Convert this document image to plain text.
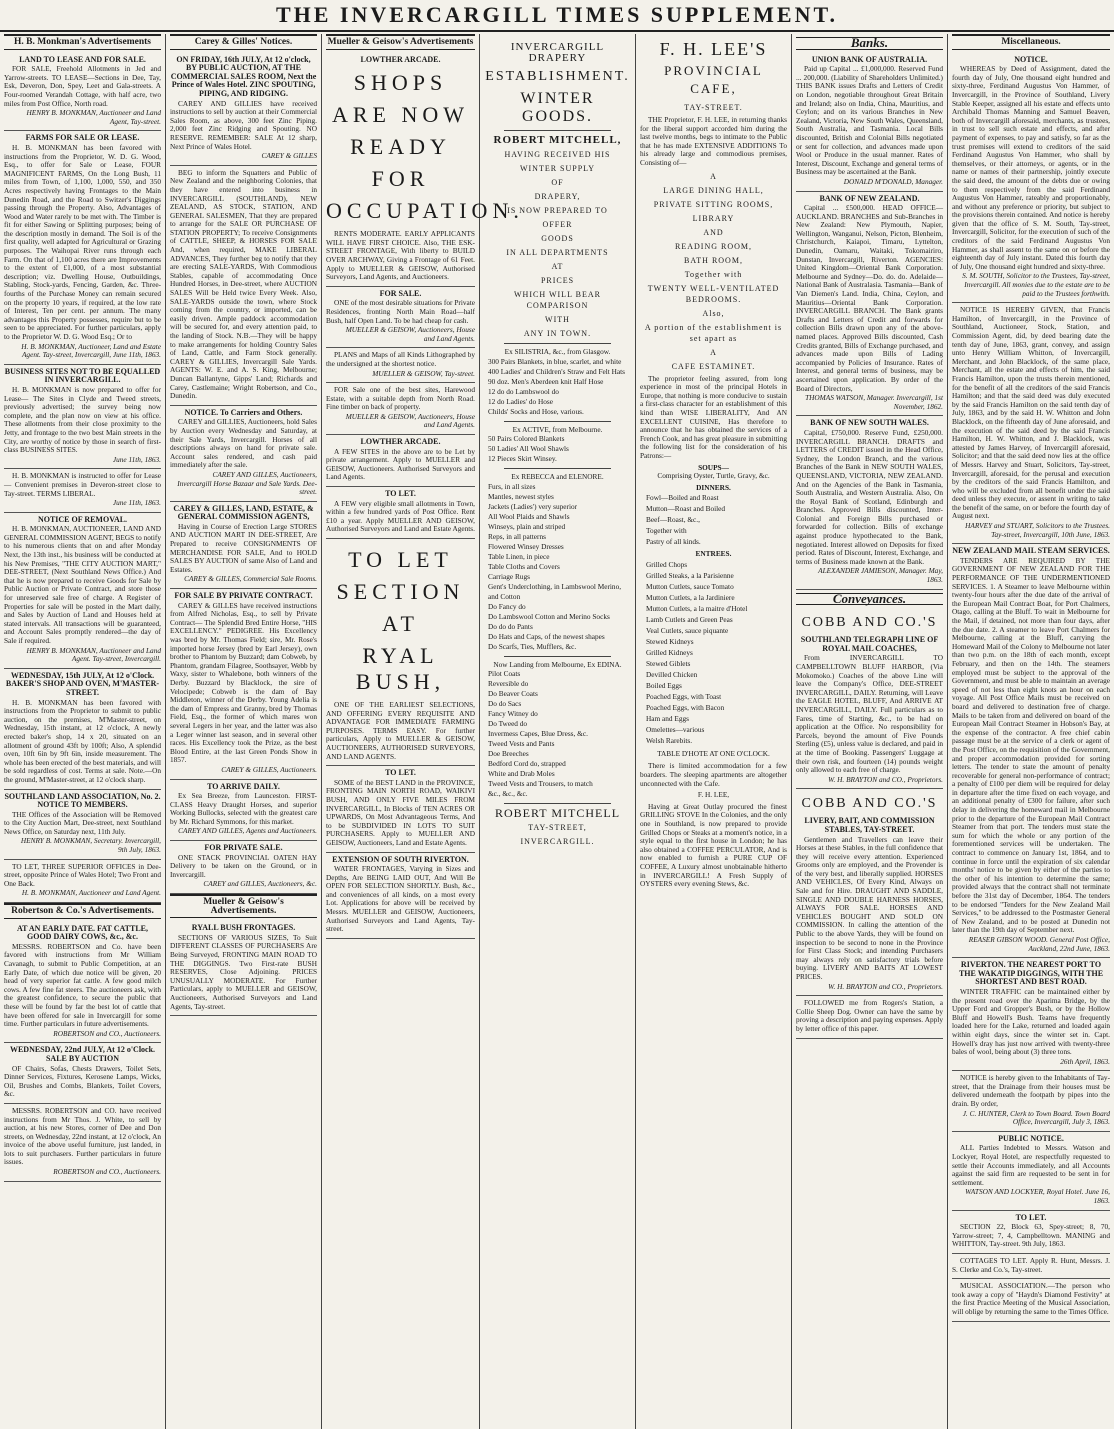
THE INVERCARGILL TIMES SUPPLEMENT.
H. B. Monkman's Advertisements
LAND TO LEASE AND FOR SALE.

FOR SALE, Freehold Allotments in Jed and Yarrow-streets. TO LEASE—Sections in Dee, Tay, Esk, Deveron, Don, Spey, Leet and Gala-streets. A Four-roomed Verandah Cottage, with half acre, two miles from Post Office, North road.

HENRY B. MONKMAN, Auctioneer and Land Agent, Tay-street.

FARMS FOR SALE OR LEASE.

H. B. MONKMAN has been favored with instructions from the Proprietor, W. D. G. Wood, Esq., to offer for Sale or Lease, FOUR MAGNIFICENT FARMS, On the Long Bush, 11 miles from Town, of 1,100, 1,000, 550, and 350 Acres respectively having Frontages to the Main Dunedin Road, and the Road to Switzer's Diggings passing through the Property. Also, Advantages of Wood and Water rarely to be met with. The Timber is fit for either Sawing or Splitting purposes; being of the description mostly in demand. The Soil is of the first quality, well adapted for Agricultural or Grazing purposes. The Waihopai River runs through each Farm. On that of 1,100 acres there are Improvements to the extent of £1,000, of a most substantial description; viz. Dwelling House, Outbuildings, Stabling, Stock-yards, Fencing, Garden, &c. Three-fourths of the Purchase Money can remain secured on the property 10 years, if required, at the low rate of Interest, Ten per cent. per annum. The many advantages this Property possesses, require but to be seen to be appreciated. For further particulars, apply to the Proprietor W. D. G. Wood Esq.; Or to

H. B. MONKMAN, Auctioneer, Land and Estate Agent. Tay-street, Invercargill, June 11th, 1863.

BUSINESS SITES NOT TO BE EQUALLED IN INVERCARGILL.

H. B. MONKMAN is now prepared to offer for Lease— The Sites in Clyde and Tweed streets, previously advertised; the survey being now complete, and the plan now on view at his office. These allotments from their close proximity to the Jetty, and frontage to the two best Main streets in the City, are worthy of notice by those in search of first-class BUSINESS SITES.

June 11th, 1863.

H. B. MONKMAN is instructed to offer for Lease— Convenient premises in Deveron-street close to Tay-street. TERMS LIBERAL.

June 11th, 1863.

NOTICE OF REMOVAL.

H. B. MONKMAN, AUCTIONEER, LAND AND GENERAL COMMISSION AGENT, BEGS to notify to his numerous clients that on and after Monday Next, the 13th inst., his business will be conducted at his New Premises, "THE CITY AUCTION MART," DEE-STREET, (Next Southland News Office.) And that he is now prepared to receive Goods for Sale by Public Auction or Private Contract, and store those for unreserved sale free of charge. A Register of Properties for sale will be posted in the Mart daily, and Sales by Auction of Land and Houses held at stated intervals. All transactions will be guaranteed, and Account Sales promptly rendered—the day of Sale if required.

HENRY B. MONKMAN, Auctioneer and Land Agent. Tay-street, Invercargill.

WEDNESDAY, 15th JULY, At 12 o'Clock. BAKER'S SHOP AND OVEN, M'MASTER-STREET.

H. B. MONKMAN has been favored with instructions from the Proprietor to submit to public auction, on the premises, M'Master-street, on Wednesday, 15th instant, at 12 o'clock, A newly erected baker's shop, 14 x 20, situated on an allotment of ground 43ft by 100ft; Also, A splendid oven, 10ft 6in by 9ft 6in, inside measurement. The whole has been erected of the best materials, and will be sold regardless of cost. Terms at sale. Note.—On the ground, M'Master-street, at 12 o'clock sharp.

SOUTHLAND LAND ASSOCIATION, No. 2. NOTICE TO MEMBERS.

THE Offices of the Association will be Removed to the City Auction Mart, Dee-street, next Southland News Office, on Saturday next, 11th July.

HENRY B. MONKMAN, Secretary. Invercargill, 9th July, 1863.

TO LET, THREE SUPERIOR OFFICES in Dee-street, opposite Prince of Wales Hotel; Two Front and One Back.

H. B. MONKMAN, Auctioneer and Land Agent.

Robertson & Co.'s Advertisements.
AT AN EARLY DATE. FAT CATTLE, GOOD DAIRY COWS, &c., &c.

MESSRS. ROBERTSON and Co. have been favored with instructions from Mr William Cavanagh, to submit to Public Competition, at an Early Date, of which due notice will be given, 20 head of very superior fat cattle. A few good milch cows. A few fine fat steers. The auctioneers ask, with the greatest confidence, to secure the public that these will be found by far the best lot of cattle that have been offered for sale in Invercargill for some time. Further particulars in future advertisements.

ROBERTSON and CO., Auctioneers.

WEDNESDAY, 22nd JULY, At 12 o'Clock. SALE BY AUCTION

OF Chairs, Sofas, Chests Drawers, Toilet Sets, Dinner Services, Fixtures, Kerosene Lamps, Wicks, Oil, Brushes and Combs, Blankets, Toilet Covers, &c.

MESSRS. ROBERTSON and CO. have received instructions from Mr Thos. J. White, to sell by auction, at his new Stores, corner of Dee and Don streets, on Wednesday, 22nd instant, at 12 o'clock, An invoice of the above useful furniture, just landed, in lots to suit purchasers. Further particulars in future issues.

ROBERTSON and CO., Auctioneers.

Carey & Gilles' Notices.
ON FRIDAY, 16th JULY, At 12 o'clock, BY PUBLIC AUCTION, AT THE COMMERCIAL SALES ROOM, Next the Prince of Wales Hotel. ZINC SPOUTING, PIPING, AND RIDGING.

CAREY AND GILLIES have received instructions to sell by auction at their Commercial Sales Room, as above, 300 feet Zinc Piping. 2,000 feet Zinc Ridging and Spouting. NO RESERVE. REMEMBER: SALE At 12 sharp, Next Prince of Wales Hotel.

CAREY & GILLES

BEG to inform the Squatters and Public of New Zealand and the neighboring Colonies, that they have entered into business in INVERCARGILL (SOUTHLAND), NEW ZEALAND, AS STOCK, STATION, AND GENERAL SALESMEN, That they are prepared to arrange for the SALE OR PURCHASE OF STATION PROPERTY; To receive Consignments of CATTLE, SHEEP, & HORSES FOR SALE And, when required, MAKE LIBERAL ADVANCES, They further beg to notify that they are erecting SALE-YARDS, With Commodious Stables, capable of accommodating Once Hundred Horses, in Dee-street, where AUCTION SALES Will be Held twice Every Week. Also, SALE-YARDS outside the town, where Stock coming from the country, or imported, can be easily driven. Ample paddock accommodation will be secured for, and every attention paid, to the landing of Stock. N.B.—They will be happy to make arrangements for holding Country Sales of Land, Cattle, and Farm Stock generally. CAREY & GILLIES, Invercargill Sale Yards. AGENTS: W. E. and A. S. King, Melbourne; Duncan Ballantyne, Gipps' Land; Richards and Carey, Castlemaine; Wright Robertson, and Co., Dunedin.

NOTICE. To Carriers and Others.

CAREY and GILLIES, Auctioneers, hold Sales by Auction every Wednesday and Saturday, at their Sale Yards, Invercargill. Horses of all descriptions always on hand for private sale. Account sales rendered, and cash paid immediately after the sale.

CAREY AND GILLES, Auctioneers, Invercargill Horse Bazaar and Sale Yards. Dee-street.

CAREY & GILLES, LAND, ESTATE, & GENERAL COMMISSION AGENTS,

Having in Course of Erection Large STORES AND AUCTION MART IN DEE-STREET, Are Prepared to receive CONSIGNMENTS OF MERCHANDISE FOR SALE, And to HOLD SALES BY AUCTION of same Also of Land and Estates.

CAREY & GILLES, Commercial Sale Rooms.

FOR SALE BY PRIVATE CONTRACT.

CAREY & GILLES have received instructions from Alfred Nicholas, Esq., to sell by Private Contract— The Splendid Bred Entire Horse, "HIS EXCELLENCY." PEDIGREE. His Excellency was bred by Mr. Thomas Field; sire, Mr. Rose's imported horse Jersey (bred by Earl Jersey), own brother to Phantom by Buzzard; dam Cobweb, by Phantom, grandam Filagree, Soothsayer, Webb by Waxy, sister to Whalebone, both winners of the Derby. Buzzard by Blacklock, the sire of Velocipede; Cobweb is the dam of Bay Middleton, winner of the Derby. Young Adelia is the dam of Empress and Granny, bred by Thomas Field, Esq., the former of which mares won several Legers in her year, and the latter was also a Leger winner last season, and in several other races. His Excellency took the Prize, as the best Blood Entire, at the last Green Ponds Show in 1857.

CAREY & GILLES, Auctioneers.

TO ARRIVE DAILY.

Ex Sea Breeze, from Launceston. FIRST-CLASS Heavy Draught Horses, and superior Working Bullocks, selected with the greatest care by Mr. Richard Symmons, for this market.

CAREY AND GILLES, Agents and Auctioneers.

FOR PRIVATE SALE.

ONE STACK PROVINCIAL OATEN HAY Delivery to be taken on the Ground, or in Invercargill.

CAREY and GILLES, Auctioneers, &c.

Mueller & Geisow's Advertisements.
RYALL BUSH FRONTAGES.

SECTIONS OF VARIOUS SIZES, To Suit DIFFERENT CLASSES OF PURCHASERS Are Being Surveyed, FRONTING MAIN ROAD TO THE DIGGINGS. Two First-rate BUSH RESERVES, Close Adjoining. PRICES UNUSUALLY MODERATE. For Further Particulars, apply to MUELLER and GEISOW, Auctioneers, Authorised Surveyors and Land Agents, Tay-street.

Mueller & Geisow's Advertisements
LOWTHER ARCADE.
SHOPS
ARE NOW
READY
FOR
OCCUPATION.

RENTS MODERATE. EARLY APPLICANTS WILL HAVE FIRST CHOICE. Also, THE ESK-STREET FRONTAGE, With liberty to BUILD OVER ARCHWAY, Giving a Frontage of 61 Feet. Apply to MUELLER & GEISOW, Authorised Surveyors, Land Agents, and Auctioneers.

FOR SALE.

ONE of the most desirable situations for Private Residences, fronting North Main Road—half Bush, half Open Land. To be had cheap for cash.

MUELLER & GEISOW, Auctioneers, House and Land Agents.

PLANS and Maps of all Kinds Lithographed by the undersigned at the shortest notice.

MUELLER & GEISOW, Tay-street.

FOR Sale one of the best sites, Harewood Estate, with a suitable depth from North Road. Fine timber on back of property.

MUELLER & GEISOW, Auctioneers, House and Land Agents.

LOWTHER ARCADE.

A FEW SITES in the above are to be Let by private arrangement. Apply to MUELLER and GEISOW, Auctioneers. Authorised Surveyors and Land Agents.

TO LET.

A FEW very eligible small allotments in Town, within a few hundred yards of Post Office. Rent £10 a year. Apply MUELLER AND GEISOW, Authorised Surveyors and Land and Estate Agents.

TO LET
SECTION
AT
RYAL BUSH,

ONE OF THE EARLIEST SELECTIONS, AND OFFERING EVERY REQUISITE AND ADVANTAGE FOR IMMEDIATE FARMING PURPOSES. TERMS EASY. For further particulars, Apply to MUELLER & GEISOW, AUCTIONEERS, AUTHORISED SURVEYORS, AND LAND AGENTS.

TO LET.

SOME of the BEST LAND in the PROVINCE, FRONTING MAIN NORTH ROAD, WAIKIVI BUSH, AND ONLY FIVE MILES FROM INVERCARGILL, In Blocks of TEN ACRES OR UPWARDS, On Most Advantageous Terms, And to be SUBDIVIDED IN LOTS TO SUIT PURCHASERS. Apply to MUELLER AND GEISOW, Auctioneers, Land and Estate Agents.

EXTENSION OF SOUTH RIVERTON.

WATER FRONTAGES, Varying in Sizes and Depths, Are BEING LAID OUT, And Will Be OPEN FOR SELECTION SHORTLY. Bush, &c., and conveniences of all kinds, on a most every Lot. Applications for above will be received by Messrs. MUELLER and GEISOW, Auctioneers, Authorised Surveyors and Land Agents, Tay-street.

INVERCARGILL DRAPERY
ESTABLISHMENT.
WINTER GOODS.
ROBERT MITCHELL,
HAVING RECEIVED HIS
WINTER SUPPLY
OF
DRAPERY,
IS NOW PREPARED TO
OFFER
GOODS
IN ALL DEPARTMENTS
AT
PRICES
WHICH WILL BEAR COMPARISON
WITH
ANY IN TOWN.
Ex SILISTRIA, &c., from Glasgow.
300 Pairs Blankets, in blue, scarlet, and white
400 Ladies' and Children's Straw and Felt Hats
90 doz. Men's Aberdeen knit Half Hose
12 do do Lambswool do
12 do Ladies' do Hose
Childs' Socks and Hose, various.
Ex ACTIVE, from Melbourne.
50 Pairs Colored Blankets
50 Ladies' All Wool Shawls
12 Pieces Skirt Winsey.
Ex REBECCA and ELENORE.
Furs, in all sizes
Mantles, newest styles
Jackets (Ladies') very superior
All Wool Plaids and Shawls
Winseys, plain and striped
Reps, in all patterns
Flowered Winsey Dresses
Table Linen, in piece
Table Cloths and Covers
Carriage Rugs
Gent's Underclothing, in Lambswool Merino, and Cotton
Do Fancy do
Do Lambswool Cotton and Merino Socks
Do do do Pants
Do Hats and Caps, of the newest shapes
Do Scarfs, Ties, Mufflers, &c.
Now Landing from Melbourne, Ex EDINA.
Pilot Coats
Reversible do
Do Beaver Coats
Do do Sacs
Fancy Witney do
Do Tweed do
Invermess Capes, Blue Dress, &c.
Tweed Vests and Pants
Doe Breeches
Bedford Cord do, strapped
White and Drab Moles
Tweed Vests and Trousers, to match
&c., &c., &c.
ROBERT MITCHELL
TAY-STREET,
INVERCARGILL.
F. H. LEE'S
PROVINCIAL CAFE,
TAY-STREET.

THE Proprietor, F. H. LEE, in returning thanks for the liberal support accorded him during the last twelve months, begs to intimate to the Public that he has made EXTENSIVE ADDITIONS To his already large and commodious premises, Consisting of—

A
LARGE DINING HALL,
PRIVATE SITTING ROOMS,
LIBRARY
AND
READING ROOM,
BATH ROOM,
Together with
TWENTY WELL-VENTILATED BEDROOMS.
Also,
A portion of the establishment is set apart as
A
CAFE ESTAMINET.

The proprietor feeling assured, from long experience in most of the principal Hotels in Europe, that nothing is more conducive to sustain a first-class character for an establishment of this kind than WISE LIBERALITY, And AN EXCELLENT CUISINE, Has therefore to announce that he has obtained the services of a French Cook, and has great pleasure in submitting the following list for the consideration of his Patrons:—

SOUPS—
Comprising Oyster, Turtle, Gravy, &c.
DINNERS.
Fowl—Boiled and Roast
Mutton—Roast and Boiled
Beef—Roast, &c.,
Together with
Pastry of all kinds.
ENTREES.
Grilled Chops
Grilled Steaks, a la Parisienne
Mutton Cutlets, sauce Tomato
Mutton Cutlets, a la Jardiniere
Mutton Cutlets, a la maitre d'Hotel
Lamb Cutlets and Green Peas
Veal Cutlets, sauce piquante
Stewed Kidneys
Grilled Kidneys
Stewed Giblets
Devilled Chicken
Boiled Eggs
Poached Eggs, with Toast
Poached Eggs, with Bacon
Ham and Eggs
Omelettes—various
Welsh Rarebits.
TABLE D'HOTE AT ONE O'CLOCK.

There is limited accommodation for a few boarders. The sleeping apartments are altogether unconnected with the Cafe.

F. H. LEE,

Having at Great Outlay procured the finest GRILLING STOVE In the Colonies, and the only one in Southland, is now prepared to provide Grilled Chops or Steaks at a moment's notice, in a style equal to the first house in London; he has also obtained a COFFEE PERCULATOR, And is now enabled to furnish a PURE CUP OF COFFEE, A Luxury almost unobtainable hitherto in INVERCARGILL! A Fresh Supply of OYSTERS every evening Stews, &c.

Banks.
UNION BANK OF AUSTRALIA.

Paid up Capital ... £1,000,000. Reserved Fund ... 200,000. (Liability of Shareholders Unlimited.) THIS BANK issues Drafts and Letters of Credit on London, negotiable throughout Great Britain and Ireland; also on India, China, Mauritius, and Ceylon; and on its various Branches in New Zealand, Victoria, New South Wales, Queensland, South Australia, and Tasmania. Local Bills discounted, British and Colonial Bills negotiated or sent for collection, and advances made upon Wool or Produce in the usual manner. Rates of Interest, Discount, Exchange and general terms of Business may be ascertained at the Bank.

DONALD M'DONALD, Manager.

BANK OF NEW ZEALAND.

Capital ... £500,000. HEAD OFFICE—AUCKLAND. BRANCHES and Sub-Branches in New Zealand: New Plymouth, Napier, Wellington, Wanganui, Nelson, Picton, Blenheim, Christchurch, Kaiapoi, Timaru, Lyttelton, Dunedin, Oamaru, Waitaki, Tokomairiro, Dunstan, Invercargill, Riverton. AGENCIES: United Kingdom—Oriental Bank Corporation. Melbourne and Sydney—Do. do. do. Adelaide—National Bank of Australasia. Tasmania—Bank of Van Diemen's Land. India, China, Ceylon, and Mauritius—Oriental Bank Corporation. INVERCARGILL BRANCH. The Bank grants Drafts and Letters of Credit and forwards for collection Bills drawn upon any of the above-named places. Approved Bills discounted, Cash Credits granted, Bills of Exchange purchased, and advances made upon Bills of Lading accompanied by Policies of Insurance. Rates of Interest, and general terms of business, may be ascertained upon application. By order of the Board of Directors,

THOMAS WATSON, Manager. Invercargill, 1st November, 1862.

BANK OF NEW SOUTH WALES.

Capital, £750,000. Reserve Fund, £250,000. INVERCARGILL BRANCH. DRAFTS and LETTERS of CREDIT issued in the Head Office, Sydney, the London Branch, and the various Branches of the Bank in NEW SOUTH WALES, QUEENSLAND, VICTORIA, NEW ZEALAND. And on the Agencies of the Bank in Tasmania, South Australia, and Western Australia. Also, On the Royal Bank of Scotland, Edinburgh and Branches. Approved Bills discounted, Inter-Colonial and Foreign Bills purchased or forwarded for collection. Bills of exchange against produce hypothecated to the Bank, negotiated. Interest allowed on Deposits for fixed period. Rates of Discount, Interest, Exchange, and terms of Business made known at the Bank.

ALEXANDER JAMIESON, Manager. May, 1863.

Conveyances.
COBB AND CO.'S
SOUTHLAND TELEGRAPH LINE OF ROYAL MAIL COACHES,

From INVERCARGILL TO CAMPBELLTOWN BLUFF HARBOR, (Via Mokomoko.) Coaches of the above Line will leave the Company's Office, DEE-STREET INVERCARGILL, DAILY. Returning, will Leave the EAGLE HOTEL, BLUFF, And ARRIVE AT INVERCARGILL, DAILY. Full particulars as to Fares, time of Starting, &c., to be had on application at the Office. No responsibility for Parcels, beyond the amount of Five Pounds Sterling (£5), unless value is declared, and paid in at the time of Booking. Passengers' Luggage at their own risk, and fourteen (14) pounds weight only allowed to each free of charge.

W. H. BRAYTON and CO., Proprietors.

COBB AND CO.'S
LIVERY, BAIT, AND COMMISSION STABLES, TAY-STREET.

Gentlemen and Travellers can leave their Horses at these Stables, in the full confidence that they will receive every attention. Experienced Grooms only are employed, and the Provender is of the very best, and liberally supplied. HORSES AND VEHICLES, Of Every Kind, Always on Sale and for Hire. DRAUGHT AND SADDLE, SINGLE AND DOUBLE HARNESS HORSES, ALWAYS FOR SALE. HORSES AND VEHICLES BOUGHT AND SOLD ON COMMISSION. In calling the attention of the Public to the above Yards, they will be found on inspection to be second to none in the Province for First Class Stock; and intending Purchasers may always rely on satisfactory trials before buying. LIVERY AND BAITS AT LOWEST PRICES.

W. H. BRAYTON and CO., Proprietors.

FOLLOWED me from Rogers's Station, a Collie Sheep Dog. Owner can have the same by proving a description and paying expenses. Apply by letter office of this paper.

Miscellaneous.
NOTICE.

WHEREAS by Deed of Assignment, dated the fourth day of July, One thousand eight hundred and sixty-three, Ferdinand Augustus Von Hammer, of Invercargill, in the Province of Southland, Livery Stable Keeper, assigned all his estate and effects unto Archibald Thomas Manning and Samuel Beaven, both of Invercargill aforesaid, merchants, as trustees, in trust to sell such estate and effects, and after payment of expenses, to pay and satisfy, so far as the trust premises will extend to creditors of the said Ferdinand Augustus Von Hammer, who shall by themselves, or their attorneys, or agents, or in the name or names of their partnership, jointly execute the said deed, the amount of the debts due or owing to them respectively from the said Ferdinand Augustus Von Hammer, rateably and proportionably, and without any preference or priority, but subject to the provisions therein contained. And notice is hereby given that the office of S. M. South, Tay-street, Invercargill, Solicitor, for the execution of such of the creditors of the said Ferdinand Augustus Von Hammer, as shall assent to the same on or before the eighteenth day of July instant. Dated this fourth day of July, One thousand eight hundred and sixty-three.

S. M. SOUTH, Solicitor to the Trustees, Tay-street, Invercargill. All monies due to the estate are to be paid to the Trustees forthwith.

NOTICE IS HEREBY GIVEN, that Francis Hamilton, of Invercargill, in the Province of Southland, Auctioneer, Stock, Station, and Commission Agent, did, by deed bearing date the tenth day of June, 1863, grant, convey, and assign unto Henry William Whitton, of Invercargill, Merchant, and John Blacklock, of the same place, Merchant, all the estate and effects of him, the said Francis Hamilton, upon the trusts therein mentioned, for the benefit of all the creditors of the said Francis Hamilton; and that the said deed was duly executed by the said Francis Hamilton on the said tenth day of July, 1863, and by the said H. W. Whitton and John Blacklock, on the fifteenth day of June aforesaid, and the execution of the said deed by the said Francis Hamilton, H. W. Whitton, and J. Blacklock, was attested by James Harvey, of Invercargill aforesaid, Solicitor; and that the said deed now lies at the office of Messrs. Harvey and Stuart, Solicitors, Tay-street, Invercargill, aforesaid, for the perusal and execution by the creditors of the said Francis Hamilton, and who will be excluded from all benefit under the said deed unless they execute, or assent in writing to take the benefit of the same, on or before the fourth day of August next.

HARVEY and STUART, Solicitors to the Trustees. Tay-street, Invercargill, 10th June, 1863.

NEW ZEALAND MAIL STEAM SERVICES.

TENDERS ARE REQUIRED BY THE GOVERNMENT OF NEW ZEALAND FOR THE PERFORMANCE OF THE UNDERMENTIONED SERVICES. 1. A Steamer to leave Melbourne within twenty-four hours after the due date of the arrival of the European Mail Contract Boat, for Port Chalmers, Otago, calling at the Bluff. To wait in Melbourne for the Mail, if detained, not more than four days, after the due date. 2. A steamer to leave Port Chalmers for Melbourne, calling at the Bluff, carrying the Homeward Mail of the Colony to Melbourne not later than two p.m. on the 18th of each month, except February, and then on the 14th. The steamers employed must be subject to the approval of the Government, and must be able to maintain an average speed of not less than eight knots an hour on each voyage. All Post Office Mails must be received on board and delivered to destination free of charge. Mails to be taken from and delivered on board of the European Mail Contract Steamer in Hobson's Bay, at the expense of the contractor. A free chief cabin passage must be at the service of a clerk or agent of the Post Office, on the requisition of the Government, and proper accommodation provided for sorting letters. The tender to state the amount of penalty recoverable for general non-performance of contract; a penalty of £100 per diem will be required for delay in departure after the time fixed on each voyage, and an additional penalty of £300 for failure, after such delay in delivering the homeward mail in Melbourne prior to the departure of the European Mail Contract Steamer from that port. The tenders must state the sum for which the whole or any portion of the forementioned services will be undertaken. The contract to commence on January 1st, 1864, and to continue in force until the expiration of six calendar months' notice to be given by either of the parties to the other of his intention to determine the same; provided always that the contract shall not terminate before the 31st day of December, 1864. The tenders to be endorsed "Tenders for the New Zealand Mail Services," to be addressed to the Postmaster General of New Zealand, and to be posted at Dunedin not later than the 19th day of September next.

REASER GIBSON WOOD. General Post Office, Auckland, 22nd June, 1863.

RIVERTON. THE NEAREST PORT TO THE WAKATIP DIGGINGS, WITH THE SHORTEST AND BEST ROAD.

WINTER TRAFFIC can be maintained either by the present road over the Aparima Bridge, by the Upper Ford and Gropper's Bush, or by the Hollow Bluff and Howell's Bush. Teams have frequently loaded here for the Lake, returned and loaded again within eight days, since the winter set in. Capt. Howell's dray has just now arrived with twenty-three bales of wool, being about (3) three tons.

26th April, 1863.

NOTICE is hereby given to the Inhabitants of Tay-street, that the Drainage from their houses must be delivered underneath the footpath by pipes into the drain. By order,

J. C. HUNTER, Clerk to Town Board. Town Board Office, Invercargill, July 3, 1863.

PUBLIC NOTICE.

ALL Parties Indebted to Messrs. Watson and Lockyer, Royal Hotel, are respectfully requested to settle their Accounts immediately, and all Accounts against the said firm are requested to be sent in for settlement.

WATSON AND LOCKYER, Royal Hotel. June 16, 1863.

TO LET.

SECTION 22, Block 63, Spey-street; 8, 70, Yarrow-street; 7, 4, Campbelltown. MANING and WHITTON, Tay-street. 9th July, 1863.

COTTAGES TO LET. Apply R. Hunt, Messrs. J. S. Clerke and Co.'s, Tay-street.

MUSICAL ASSOCIATION.—The person who took away a copy of "Haydn's Diamond Festivity" at the first Practice Meeting of the Musical Association, will oblige by returning the same to the Times Office.
